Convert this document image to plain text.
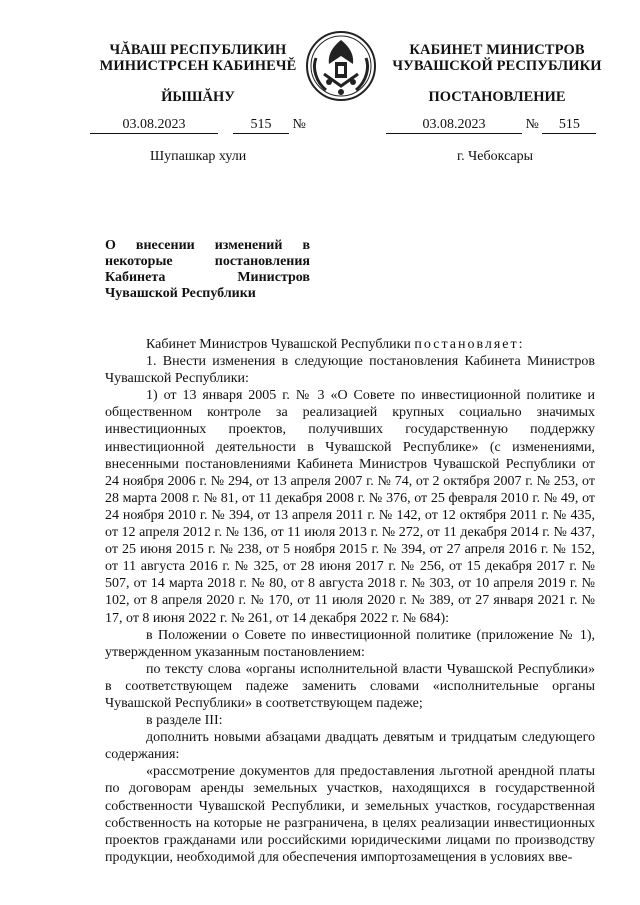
ЧĂВАШ РЕСПУБЛИКИН
МИНИСТРСЕН КАБИНЕЧĔ
ЙЫШĂНУ
КАБИНЕТ МИНИСТРОВ
ЧУВАШСКОЙ РЕСПУБЛИКИ
ПОСТАНОВЛЕНИЕ
03.08.2023	515 №	03.08.2023	№ 515
Шупашкар хули	г. Чебоксары
О внесении изменений в некоторые постановления Кабинета Министров Чувашской Республики

Кабинет Министров Чувашской Республики постановляет:

1. Внести изменения в следующие постановления Кабинета Министров Чувашской Республики:

1) от 13 января 2005 г. № 3 «О Совете по инвестиционной политике и общественном контроле за реализацией крупных социально значимых инвестиционных проектов, получивших государственную поддержку инвестиционной деятельности в Чувашской Республике» (с изменениями, внесенными постановлениями Кабинета Министров Чувашской Республики от 24 ноября 2006 г. № 294, от 13 апреля 2007 г. № 74, от 2 октября 2007 г. № 253, от 28 марта 2008 г. № 81, от 11 декабря 2008 г. № 376, от 25 февраля 2010 г. № 49, от 24 ноября 2010 г. № 394, от 13 апреля 2011 г. № 142, от 12 октября 2011 г. № 435, от 12 апреля 2012 г. № 136, от 11 июля 2013 г. № 272, от 11 декабря 2014 г. № 437, от 25 июня 2015 г. № 238, от 5 ноября 2015 г. № 394, от 27 апреля 2016 г. № 152, от 11 августа 2016 г. № 325, от 28 июня 2017 г. № 256, от 15 декабря 2017 г. № 507, от 14 марта 2018 г. № 80, от 8 августа 2018 г. № 303, от 10 апреля 2019 г. № 102, от 8 апреля 2020 г. № 170, от 11 июля 2020 г. № 389, от 27 января 2021 г. № 17, от 8 июня 2022 г. № 261, от 14 декабря 2022 г. № 684):

в Положении о Совете по инвестиционной политике (приложение № 1), утвержденном указанным постановлением:

по тексту слова «органы исполнительной власти Чувашской Республики» в соответствующем падеже заменить словами «исполнительные органы Чувашской Республики» в соответствующем падеже;

в разделе III:

дополнить новыми абзацами двадцать девятым и тридцатым следующего содержания:

«рассмотрение документов для предоставления льготной арендной платы по договорам аренды земельных участков, находящихся в государственной собственности Чувашской Республики, и земельных участков, государственная собственность на которые не разграничена, в целях реализации инвестиционных проектов гражданами или российскими юридическими лицами по производству продукции, необходимой для обеспечения импортозамещения в условиях вве-
